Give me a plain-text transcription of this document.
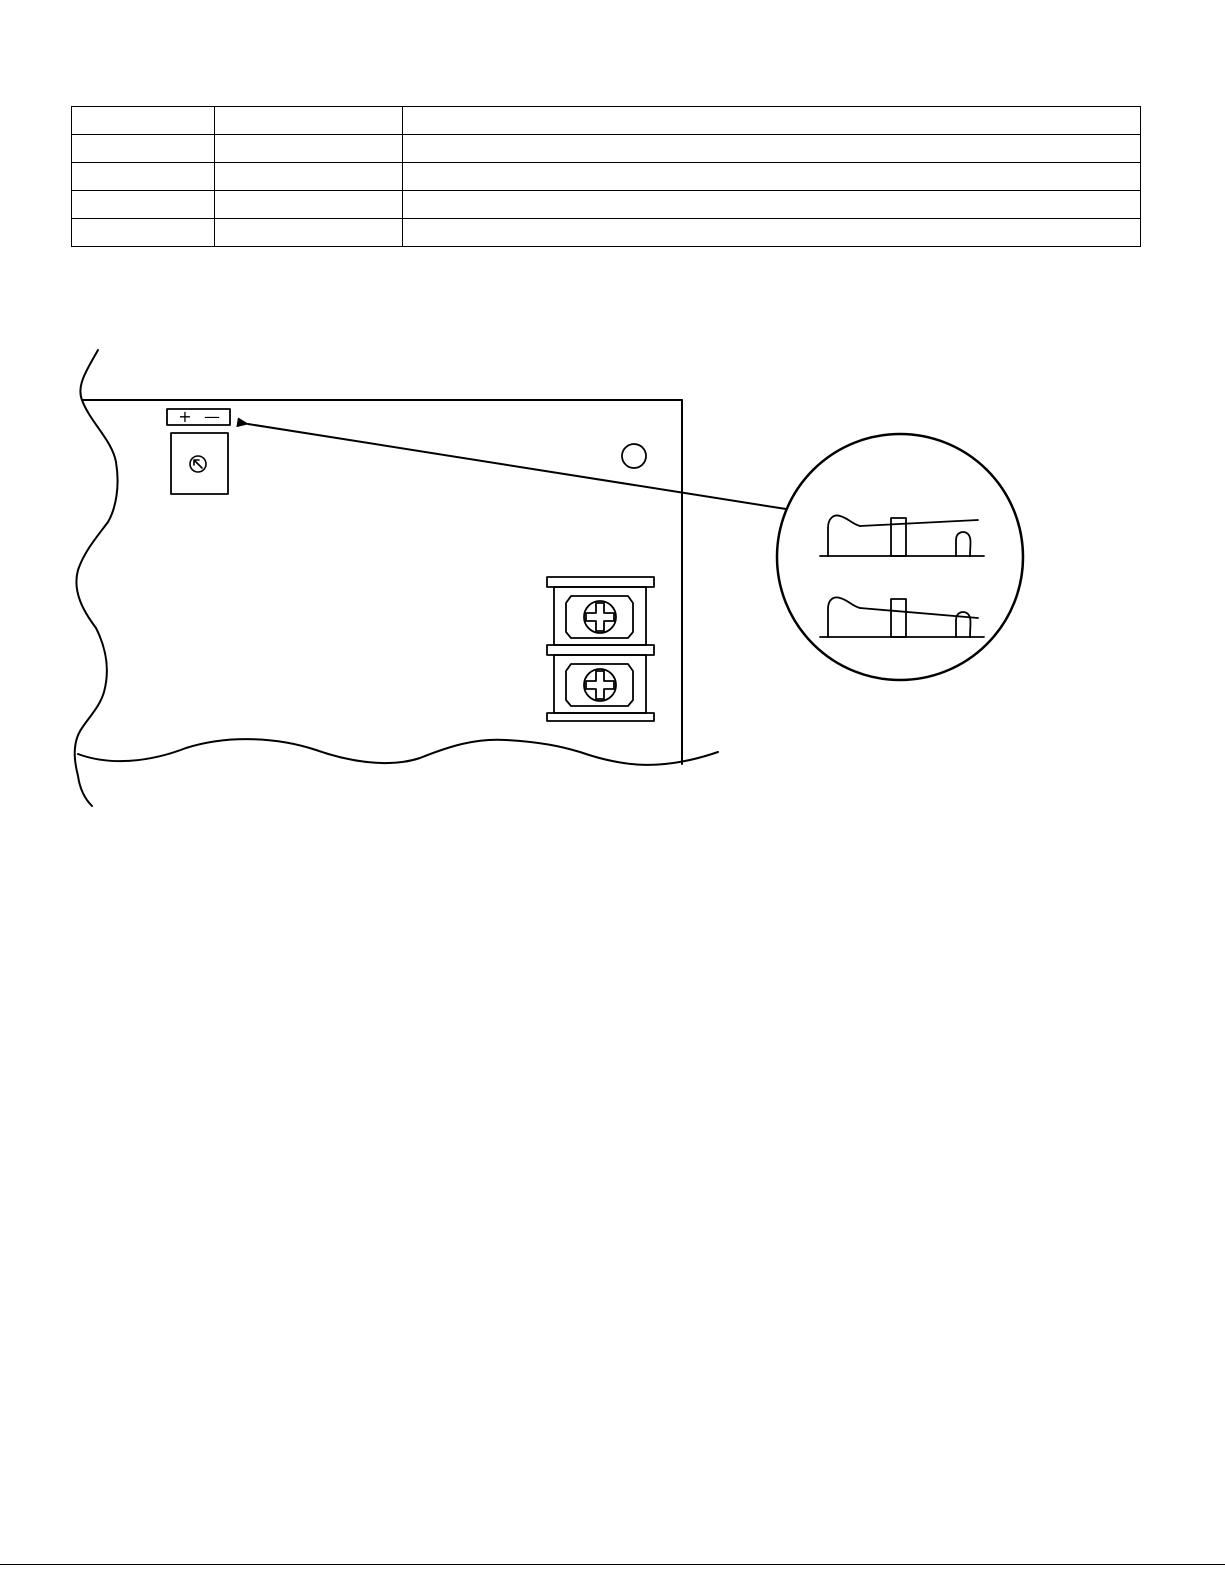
+ —
